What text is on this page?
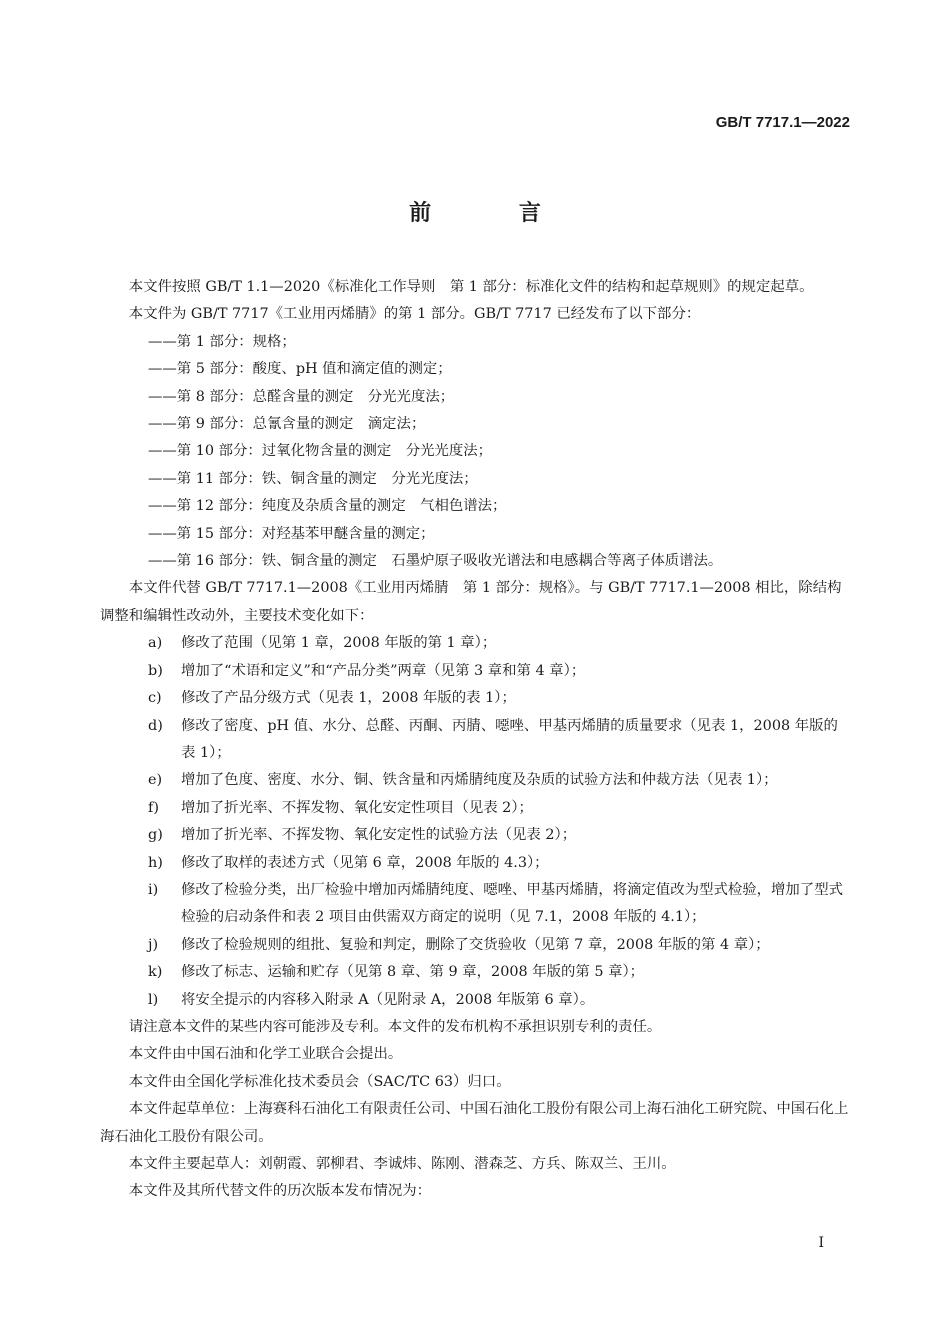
GB/T 7717.1—2022
前 言

本文件按照 GB/T 1.1—2020《标准化工作导则　第 1 部分：标准化文件的结构和起草规则》的规定起草。

本文件为 GB/T 7717《工业用丙烯腈》的第 1 部分。GB/T 7717 已经发布了以下部分：

——第 1 部分：规格；

——第 5 部分：酸度、pH 值和滴定值的测定；

——第 8 部分：总醛含量的测定　分光光度法；

——第 9 部分：总氰含量的测定　滴定法；

——第 10 部分：过氧化物含量的测定　分光光度法；

——第 11 部分：铁、铜含量的测定　分光光度法；

——第 12 部分：纯度及杂质含量的测定　气相色谱法；

——第 15 部分：对羟基苯甲醚含量的测定；

——第 16 部分：铁、铜含量的测定　石墨炉原子吸收光谱法和电感耦合等离子体质谱法。

本文件代替 GB/T 7717.1—2008《工业用丙烯腈　第 1 部分：规格》。与 GB/T 7717.1—2008 相比，除结构调整和编辑性改动外，主要技术变化如下：

a)	修改了范围（见第 1 章，2008 年版的第 1 章）；
b)	增加了“术语和定义”和“产品分类”两章（见第 3 章和第 4 章）；
c)	修改了产品分级方式（见表 1，2008 年版的表 1）；
d)	修改了密度、pH 值、水分、总醛、丙酮、丙腈、噁唑、甲基丙烯腈的质量要求（见表 1，2008 年版的表 1）；
e)	增加了色度、密度、水分、铜、铁含量和丙烯腈纯度及杂质的试验方法和仲裁方法（见表 1）；
f)	增加了折光率、不挥发物、氧化安定性项目（见表 2）；
g)	增加了折光率、不挥发物、氧化安定性的试验方法（见表 2）；
h)	修改了取样的表述方式（见第 6 章，2008 年版的 4.3）；
i)	修改了检验分类，出厂检验中增加丙烯腈纯度、噁唑、甲基丙烯腈，将滴定值改为型式检验，增加了型式检验的启动条件和表 2 项目由供需双方商定的说明（见 7.1，2008 年版的 4.1）；
j)	修改了检验规则的组批、复验和判定，删除了交货验收（见第 7 章，2008 年版的第 4 章）；
k)	修改了标志、运输和贮存（见第 8 章、第 9 章，2008 年版的第 5 章）；
l)	将安全提示的内容移入附录 A（见附录 A，2008 年版第 6 章）。

请注意本文件的某些内容可能涉及专利。本文件的发布机构不承担识别专利的责任。

本文件由中国石油和化学工业联合会提出。

本文件由全国化学标准化技术委员会（SAC/TC 63）归口。

本文件起草单位：上海赛科石油化工有限责任公司、中国石油化工股份有限公司上海石油化工研究院、中国石化上海石油化工股份有限公司。

本文件主要起草人：刘朝霞、郭柳君、李诚炜、陈刚、潜森芝、方兵、陈双兰、王川。

本文件及其所代替文件的历次版本发布情况为：

I
